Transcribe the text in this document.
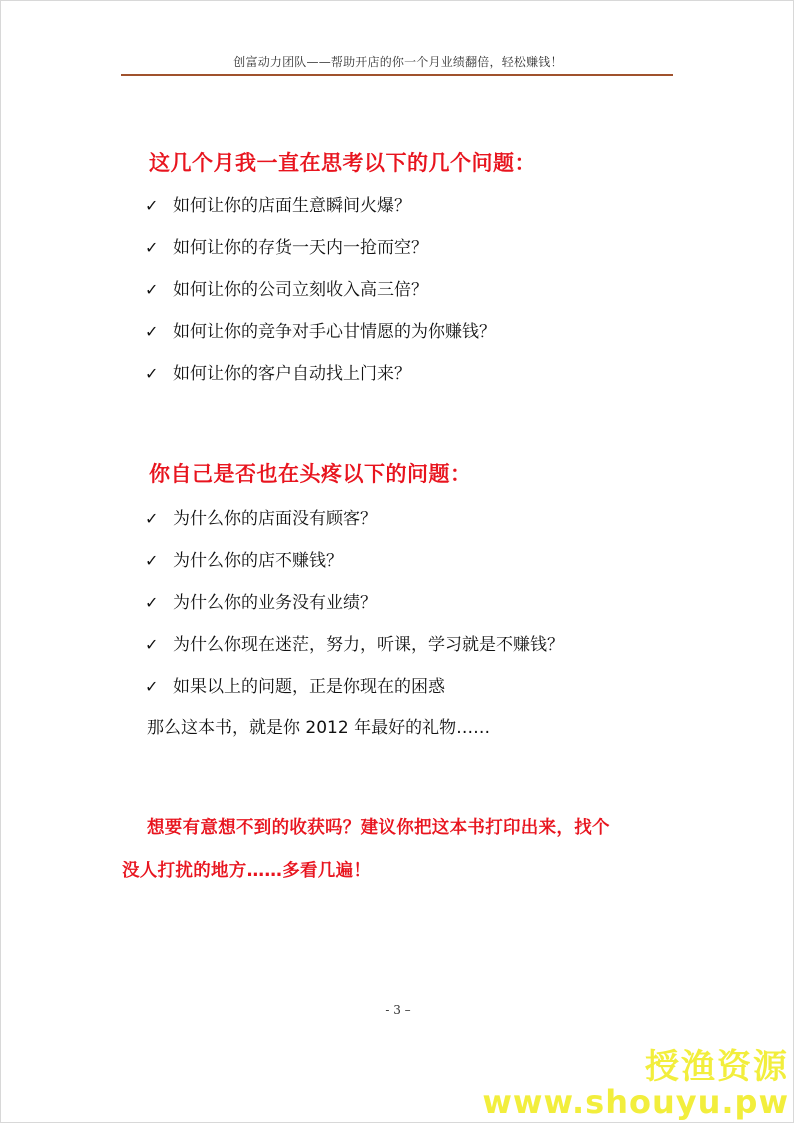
创富动力团队——帮助开店的你一个月业绩翻倍，轻松赚钱！
这几个月我一直在思考以下的几个问题：
✓ 如何让你的店面生意瞬间火爆？
✓ 如何让你的存货一天内一抢而空？
✓ 如何让你的公司立刻收入高三倍？
✓ 如何让你的竞争对手心甘情愿的为你赚钱？
✓ 如何让你的客户自动找上门来？
你自己是否也在头疼以下的问题：
✓ 为什么你的店面没有顾客？
✓ 为什么你的店不赚钱？
✓ 为什么你的业务没有业绩？
✓ 为什么你现在迷茫，努力，听课，学习就是不赚钱？
✓ 如果以上的问题，正是你现在的困惑
那么这本书，就是你 2012 年最好的礼物……
想要有意想不到的收获吗？建议你把这本书打印出来，找个
没人打扰的地方……多看几遍！
- 3 –
授渔资源
www.shouyu.pw
